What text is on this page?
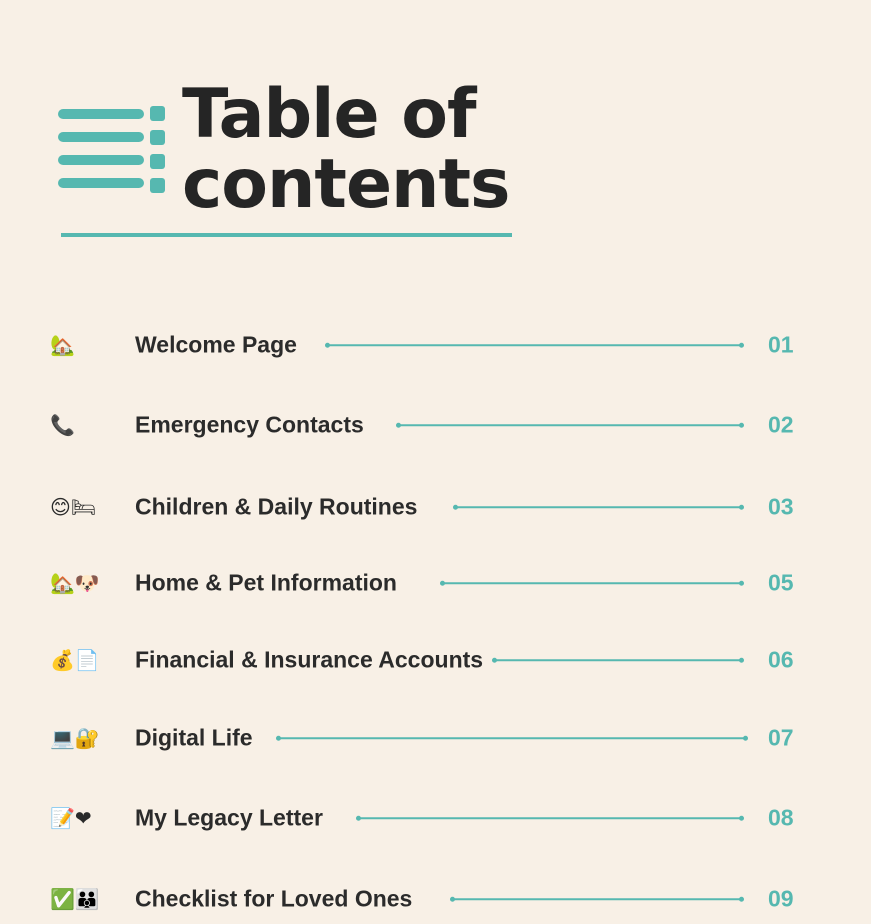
Table of
contents
🏡	Welcome Page	01
📞	Emergency Contacts	02
😊🛏 Children & Daily Routines	03
🏡🐶 Home & Pet Information	05
💰📄 Financial & Insurance Accounts	06
💻🔐 Digital Life	07
📝❤ My Legacy Letter	08
✅👪 Checklist for Loved Ones	09
